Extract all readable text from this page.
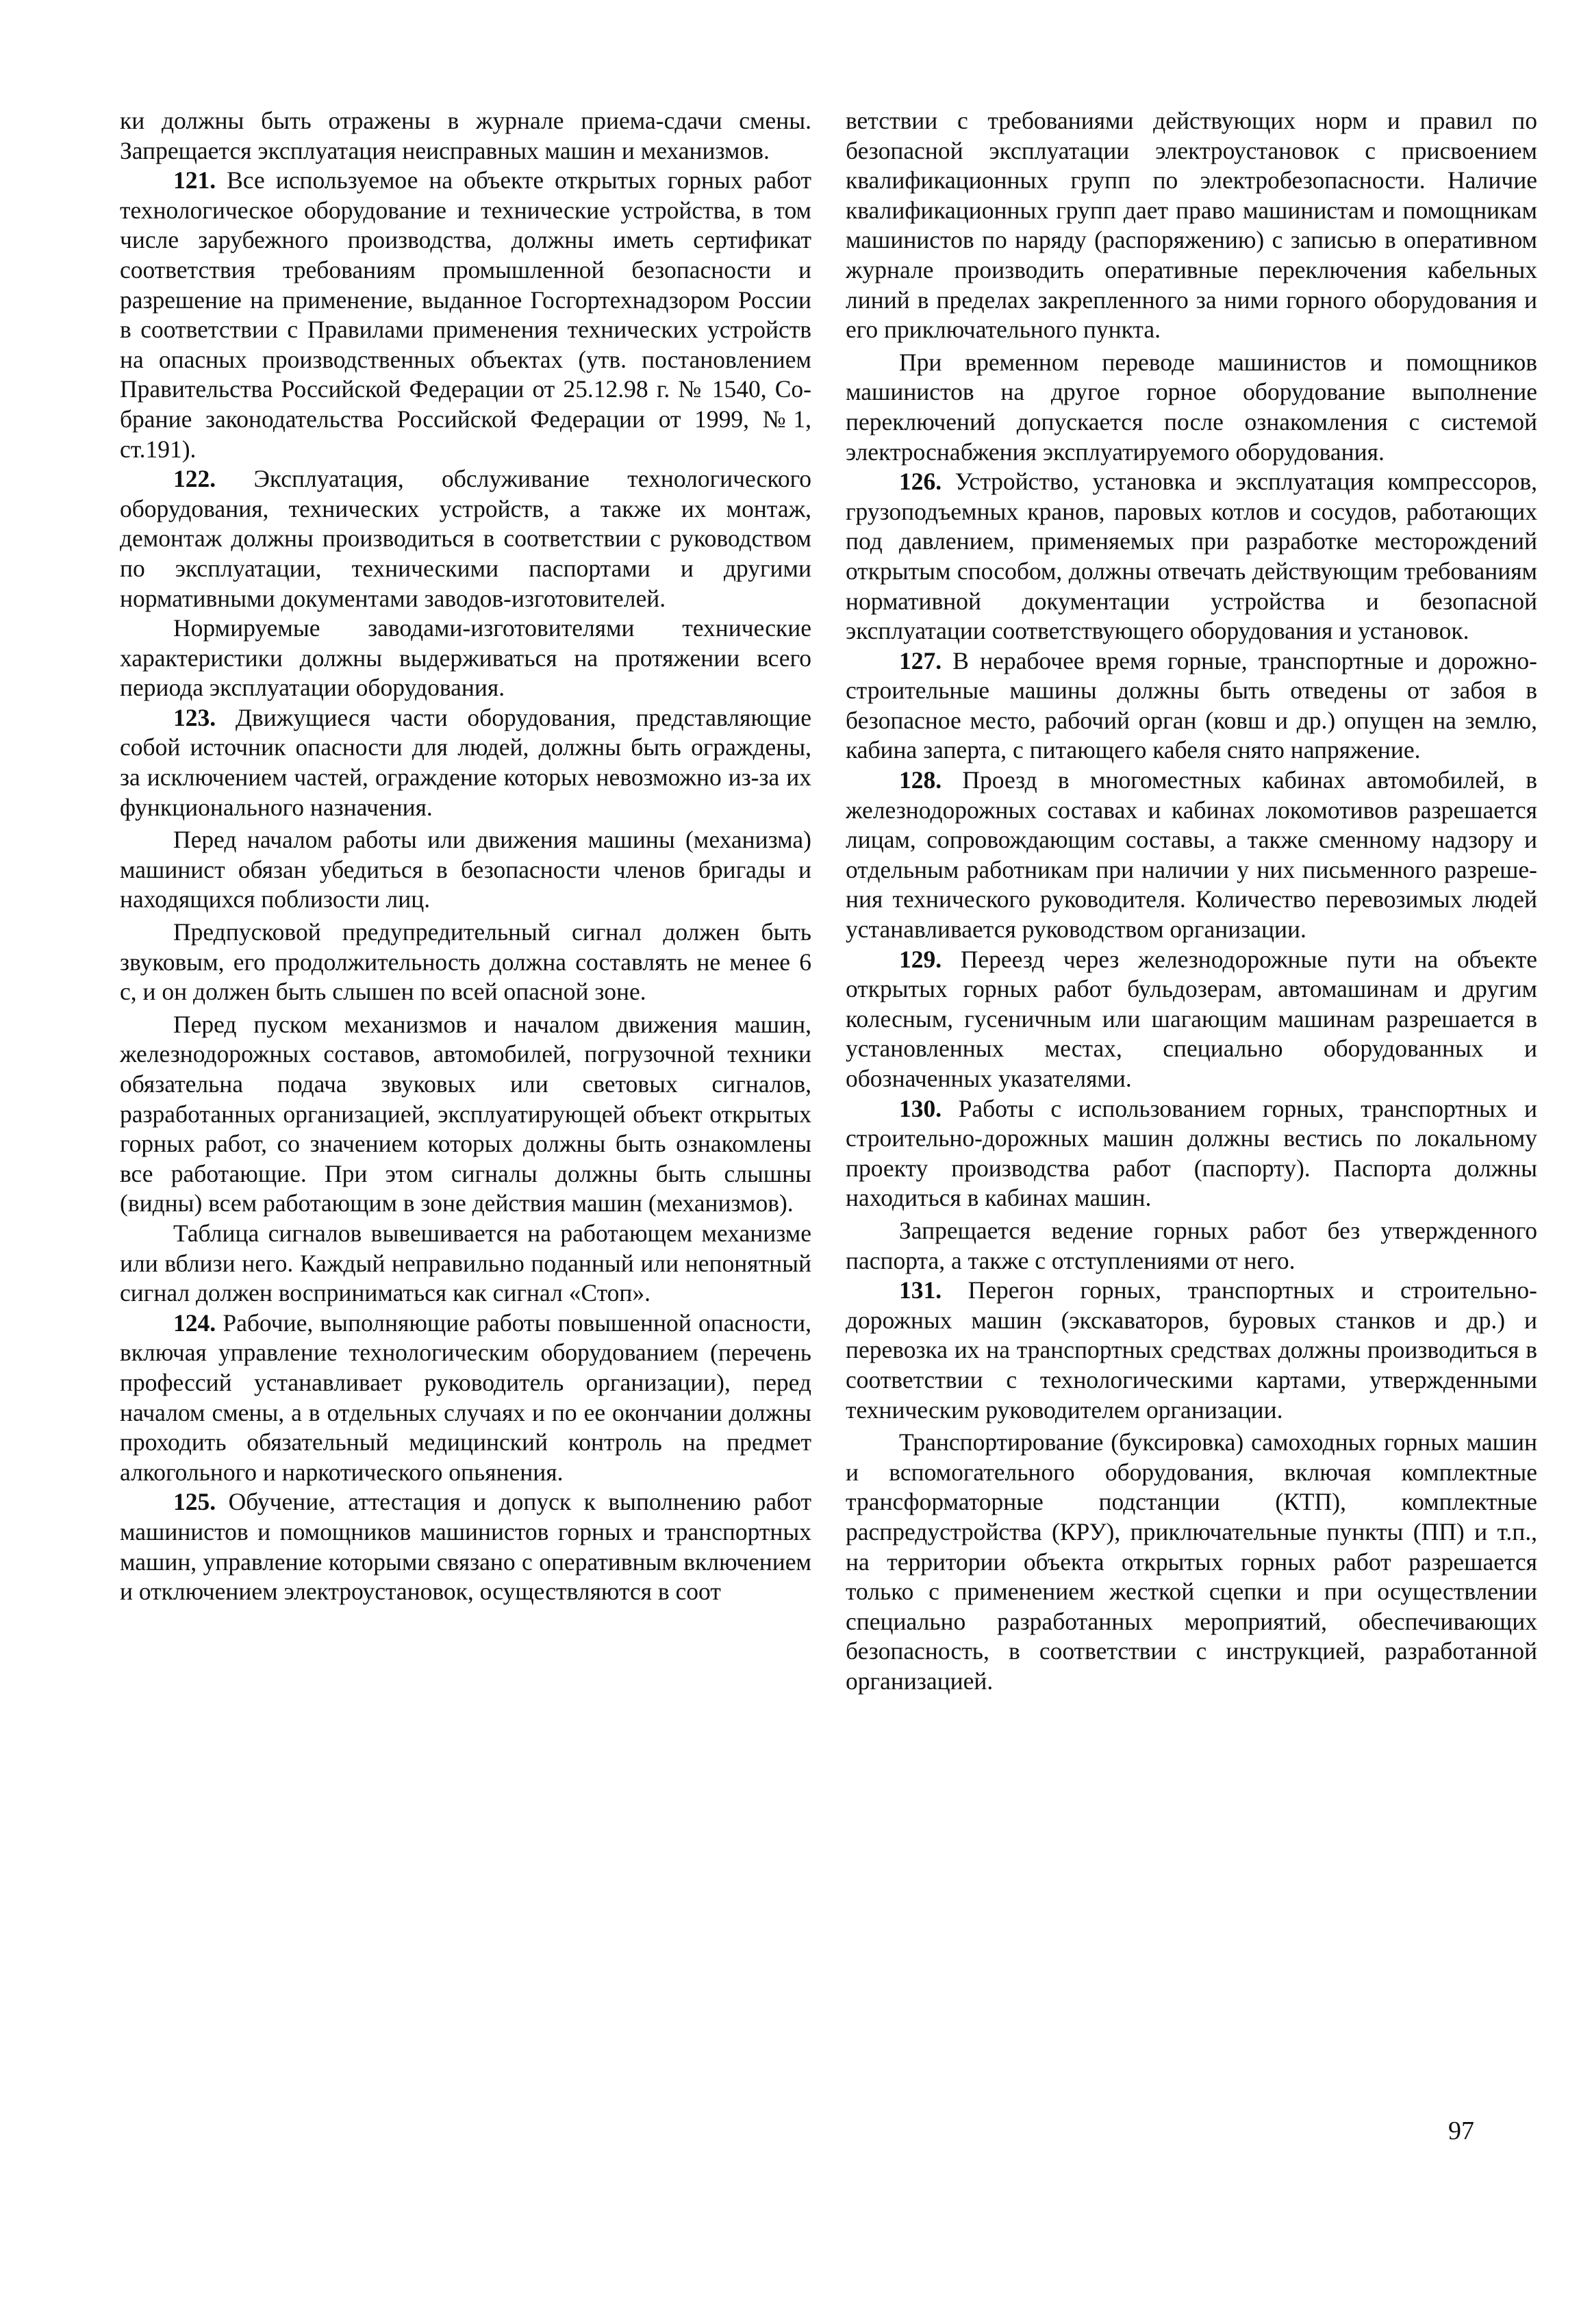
ки должны быть отражены в журнале приема-сдачи смены. Запрещается эксплуатация неисправных машин и механизмов.

121. Все используемое на объекте открытых горных работ технологическое оборудование и технические устройства, в том числе зарубежного производства, должны иметь сертификат соответствия требованиям промышленной безопасности и разрешение на применение, выданное Госгортехнадзором России в соответствии с Правилами применения технических устройств на опасных производственных объектах (утв. постановлением Правительства Российской Федерации от 25.12.98 г. № 1540, Собрание законодательства Российской Федерации от 1999, №1, ст.191).

122. Эксплуатация, обслуживание технологического оборудования, технических устройств, а также их монтаж, демонтаж должны производиться в соответствии с руководством по эксплуатации, техническими паспортами и другими нормативными документами заводов-изготовителей.

Нормируемые заводами-изготовителями технические характеристики должны выдерживаться на протяжении всего периода эксплуатации оборудования.

123. Движущиеся части оборудования, представляющие собой источник опасности для людей, должны быть ограждены, за исключением частей, ограждение которых невозможно из-за их функционального назначения.

Перед началом работы или движения машины (механизма) машинист обязан убедиться в безопасности членов бригады и находящихся поблизости лиц.

Предпусковой предупредительный сигнал должен быть звуковым, его продолжительность должна составлять не менее 6 с, и он должен быть слышен по всей опасной зоне.

Перед пуском механизмов и началом движения машин, железнодорожных составов, автомобилей, погрузочной техники обязательна подача звуковых или световых сигналов, разработанных организацией, эксплуатирующей объект открытых горных работ, со значением которых должны быть ознакомлены все работающие. При этом сигналы должны быть слышны (видны) всем работающим в зоне действия машин (механизмов).

Таблица сигналов вывешивается на работающем механизме или вблизи него. Каждый неправильно поданный или непонятный сигнал должен восприниматься как сигнал «Стоп».

124. Рабочие, выполняющие работы повышенной опасности, включая управление технологическим оборудованием (перечень профессий устанавливает руководитель организации), перед началом смены, а в отдельных случаях и по ее окончании должны проходить обязательный медицинский контроль на предмет алкогольного и наркотического опьянения.

125. Обучение, аттестация и допуск к выполнению работ машинистов и помощников машинистов горных и транспортных машин, управление которыми связано с оперативным включением и отключением электроустановок, осуществляются в соот

ветствии с требованиями действующих норм и правил по безопасной эксплуатации электроустановок с присвоением квалификационных групп по электробезопасности. Наличие квалификационных групп дает право машинистам и помощникам машинистов по наряду (распоряжению) с записью в оперативном журнале производить оперативные переключения кабельных линий в пределах закрепленного за ними горного оборудования и его приключательного пункта.

При временном переводе машинистов и помощников машинистов на другое горное оборудование выполнение переключений допускается после ознакомления с системой электроснабжения эксплуатируемого оборудования.

126. Устройство, установка и эксплуатация компрессоров, грузоподъемных кранов, паровых котлов и сосудов, работающих под давлением, применяемых при разработке месторождений открытым способом, должны отвечать действующим требованиям нормативной документации устройства и безопасной эксплуатации соответствующего оборудования и установок.

127. В нерабочее время горные, транспортные и дорожно-строительные машины должны быть отведены от забоя в безопасное место, рабочий орган (ковш и др.) опущен на землю, кабина заперта, с питающего кабеля снято напряжение.

128. Проезд в многоместных кабинах автомобилей, в железнодорожных составах и кабинах локомотивов разрешается лицам, сопровождающим составы, а также сменному надзору и отдельным работникам при наличии у них письменного разрешения технического руководителя. Количество перевозимых людей устанавливается руководством организации.

129. Переезд через железнодорожные пути на объекте открытых горных работ бульдозерам, автомашинам и другим колесным, гусеничным или шагающим машинам разрешается в установленных местах, специально оборудованных и обозначенных указателями.

130. Работы с использованием горных, транспортных и строительно-дорожных машин должны вестись по локальному проекту производства работ (паспорту). Паспорта должны находиться в кабинах машин.

Запрещается ведение горных работ без утвержденного паспорта, а также с отступлениями от него.

131. Перегон горных, транспортных и строительно-дорожных машин (экскаваторов, буровых станков и др.) и перевозка их на транспортных средствах должны производиться в соответствии с технологическими картами, утвержденными техническим руководителем организации.

Транспортирование (буксировка) самоходных горных машин и вспомогательного оборудования, включая комплектные трансформаторные подстанции (КТП), комплектные распредустройства (КРУ), приключательные пункты (ПП) и т.п., на территории объекта открытых горных работ разрешается только с применением жесткой сцепки и при осуществлении специально разработанных мероприятий, обеспечивающих безопасность, в соответствии с инструкцией, разработанной организацией.

97
